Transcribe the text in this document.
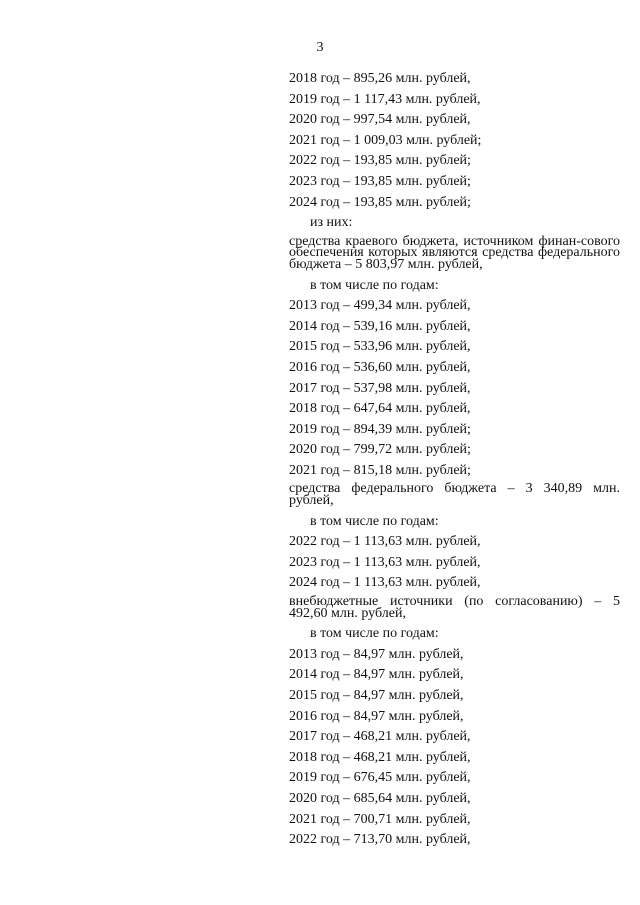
3
2018 год – 895,26 млн. рублей,
2019 год – 1 117,43 млн. рублей,
2020 год – 997,54 млн. рублей,
2021 год – 1 009,03 млн. рублей;
2022 год – 193,85 млн. рублей;
2023 год – 193,85 млн. рублей;
2024 год – 193,85 млн. рублей;
из них:
средства краевого бюджета, источником финан-сового обеспечения которых являются средства федерального бюджета – 5 803,97 млн. рублей,
в том числе по годам:
2013 год – 499,34 млн. рублей,
2014 год – 539,16 млн. рублей,
2015 год – 533,96 млн. рублей,
2016 год – 536,60 млн. рублей,
2017 год – 537,98 млн. рублей,
2018 год – 647,64 млн. рублей,
2019 год – 894,39 млн. рублей;
2020 год – 799,72 млн. рублей;
2021 год – 815,18 млн. рублей;
средства федерального бюджета – 3 340,89 млн. рублей,
в том числе по годам:
2022 год – 1 113,63 млн. рублей,
2023 год – 1 113,63 млн. рублей,
2024 год – 1 113,63 млн. рублей,
внебюджетные источники (по согласованию) – 5 492,60 млн. рублей,
в том числе по годам:
2013 год – 84,97 млн. рублей,
2014 год – 84,97 млн. рублей,
2015 год – 84,97 млн. рублей,
2016 год – 84,97 млн. рублей,
2017 год – 468,21 млн. рублей,
2018 год – 468,21 млн. рублей,
2019 год – 676,45 млн. рублей,
2020 год – 685,64 млн. рублей,
2021 год – 700,71 млн. рублей,
2022 год – 713,70 млн. рублей,
